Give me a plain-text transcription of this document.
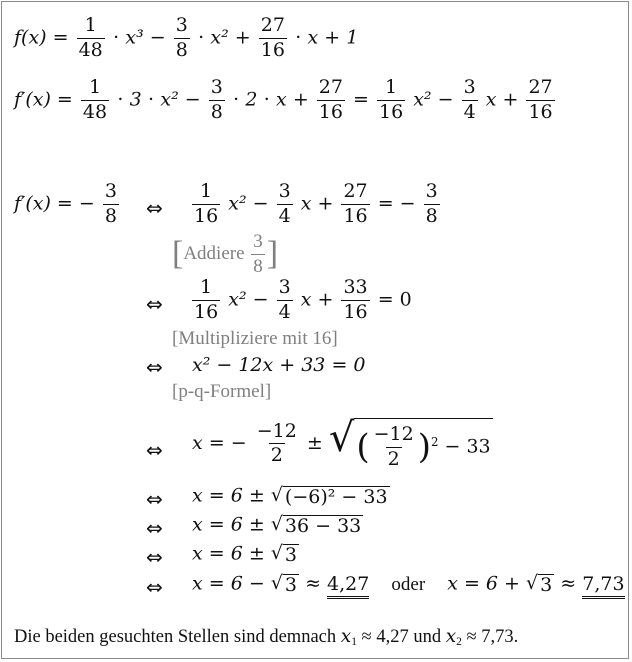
$f(x) = \frac{1}{48} \cdot x^3 - \frac{3}{8} \cdot x^2 + \frac{27}{16} \cdot x + 1$
$f'(x) = \frac{1}{48} \cdot 3 \cdot x^2 - \frac{3}{8} \cdot 2 \cdot x + \frac{27}{16} = \frac{1}{16} x^2 - \frac{3}{4}$ $x + \frac{27}{16}$
f′(x) = − $\frac{3}{8}$ ⇔ $\frac{1}{16} x^2 - \frac{3}{4}$ $x + \frac{27}{16}$ = − $\frac{3}{8}$
[Addiere $\frac{3}{8}$ ]
⇔ $\frac{1}{16} x^2 - \frac{3}{4}$ $x + \frac{33}{16} = 0$
[Multipliziere mit 16]
⇔ x² − 12x + 33 = 0
[p-q-Formel]
⇔ x = − $\frac{-12}{2}$ ± √ ( $\frac{-12}{2} )^2 - 33$
⇔ x = 6 ± √ (−6)² − 33
⇔ x = 6 ± √ 36 − 33
⇔ x = 6 ± √ 3
⇔ x = 6 − √ 3 ≈ 4,27 oder x = 6 + √ 3 ≈ 7,73
Die beiden gesuchten Stellen sind demnach $x_1 \approx 4,27$ und $x_2 \approx 7,73$.
